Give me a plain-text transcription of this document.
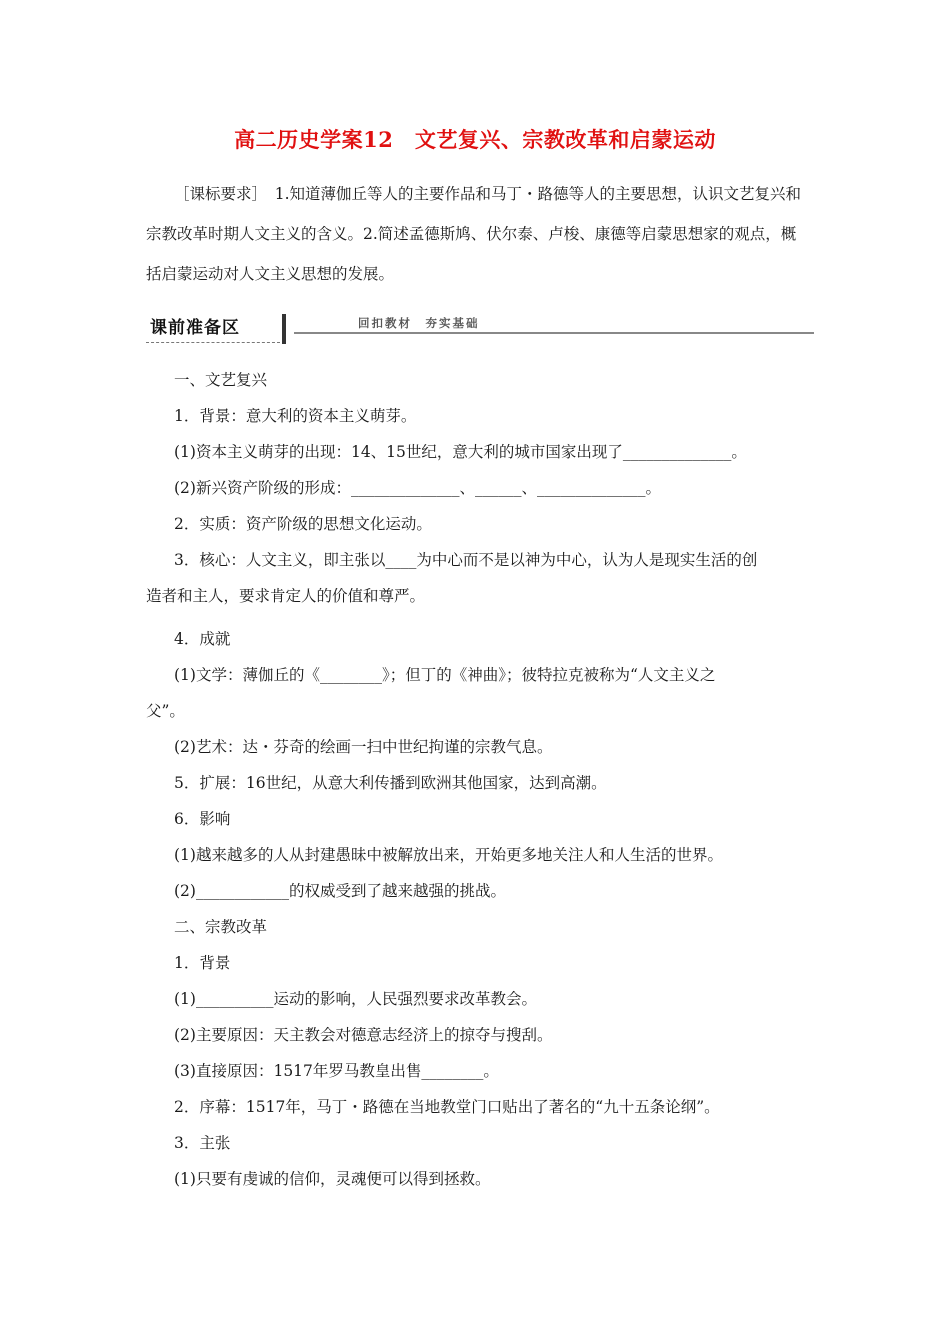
高二历史学案12　文艺复兴、宗教改革和启蒙运动
［课标要求］　1.知道薄伽丘等人的主要作品和马丁・路德等人的主要思想，认识文艺复兴和宗教改革时期人文主义的含义。2.简述孟德斯鸠、伏尔泰、卢梭、康德等启蒙思想家的观点，概括启蒙运动对人文主义思想的发展。
课前准备区	回扣教材　夯实基础
一、文艺复兴
1．背景：意大利的资本主义萌芽。
(1)资本主义萌芽的出现：14、15世纪，意大利的城市国家出现了______________。
(2)新兴资产阶级的形成：______________、______、______________。
2．实质：资产阶级的思想文化运动。
3．核心：人文主义，即主张以____为中心而不是以神为中心，认为人是现实生活的创
造者和主人，要求肯定人的价值和尊严。
4．成就
(1)文学：薄伽丘的《________》；但丁的《神曲》；彼特拉克被称为“人文主义之
父”。
(2)艺术：达・芬奇的绘画一扫中世纪拘谨的宗教气息。
5．扩展：16世纪，从意大利传播到欧洲其他国家，达到高潮。
6．影响
(1)越来越多的人从封建愚昧中被解放出来，开始更多地关注人和人生活的世界。
(2)____________的权威受到了越来越强的挑战。
二、宗教改革
1．背景
(1)__________运动的影响，人民强烈要求改革教会。
(2)主要原因：天主教会对德意志经济上的掠夺与搜刮。
(3)直接原因：1517年罗马教皇出售________。
2．序幕：1517年，马丁・路德在当地教堂门口贴出了著名的“九十五条论纲”。
3．主张
(1)只要有虔诚的信仰，灵魂便可以得到拯救。
